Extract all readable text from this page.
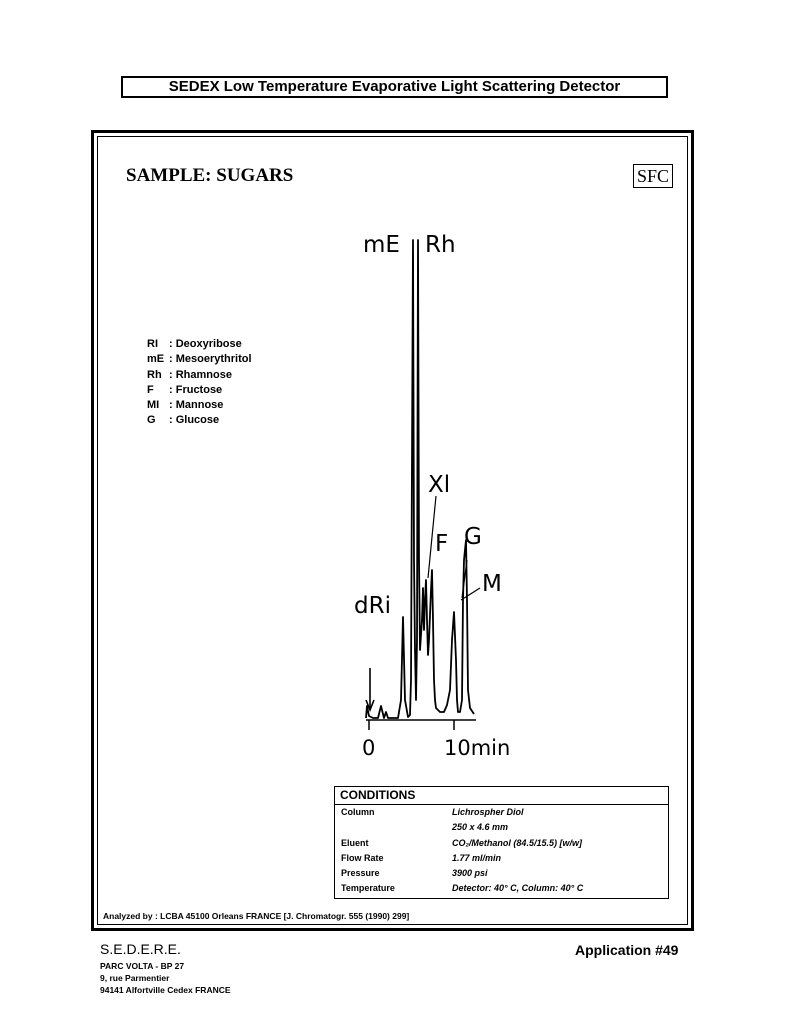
SEDEX Low Temperature Evaporative Light Scattering Detector
SAMPLE: SUGARS	SFC
RI : Deoxyribose
mE : Mesoerythritol
Rh : Rhamnose
F : Fructose
MI : Mannose
G : Glucose
mE Rh
Xl
F G
M
dRi
0	10min
CONDITIONS
Column	Lichrospher Diol
250 x 4.6 mm
Eluent	CO₂/Methanol (84.5/15.5) [w/w]
Flow Rate	1.77 ml/min
Pressure	3900 psi
Temperature	Detector: 40° C, Column: 40° C
Analyzed by : LCBA 45100 Orleans FRANCE [J. Chromatogr. 555 (1990) 299]
S.E.D.E.R.E.
PARC VOLTA - BP 27
9, rue Parmentier
94141 Alfortville Cedex FRANCE
Application #49
